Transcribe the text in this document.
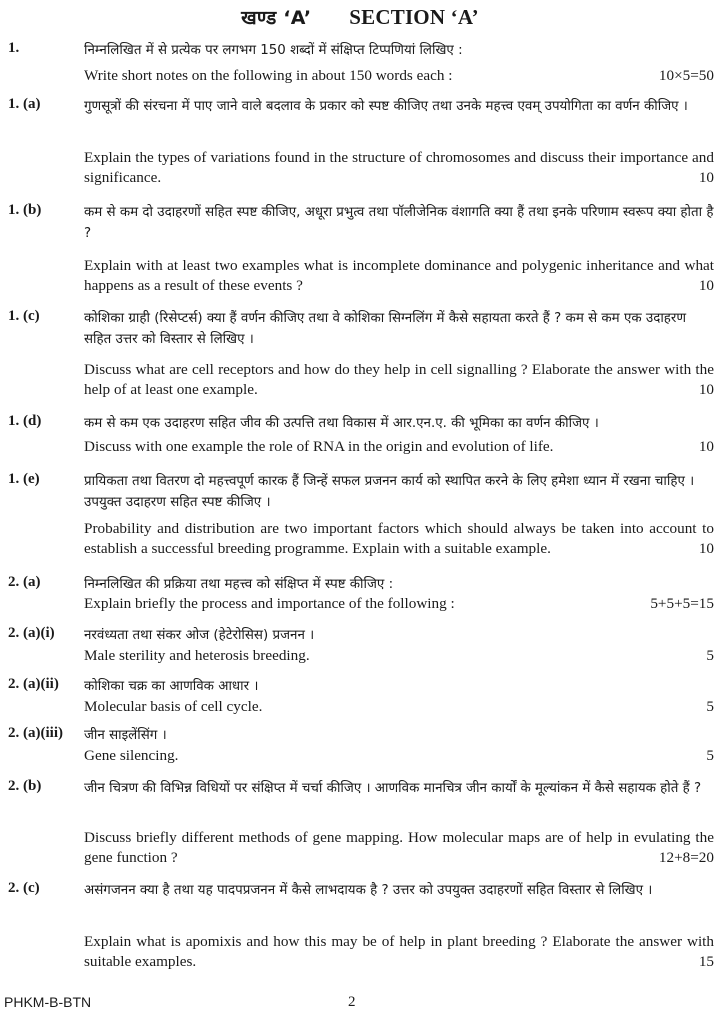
खण्ड ‘A’ SECTION ‘A’
1.	निम्नलिखित में से प्रत्येक पर लगभग 150 शब्दों में संक्षिप्त टिप्पणियां लिखिए :
Write short notes on the following in about 150 words each :	10×5=50
1. (a)	गुणसूत्रों की संरचना में पाए जाने वाले बदलाव के प्रकार को स्पष्ट कीजिए तथा उनके महत्त्व एवम् उपयोगिता का वर्णन कीजिए ।
Explain the types of variations found in the structure of chromosomes and discuss their importance and significance.	10
1. (b)	कम से कम दो उदाहरणों सहित स्पष्ट कीजिए, अधूरा प्रभुत्व तथा पॉलीजेनिक वंशागति क्या हैं तथा इनके परिणाम स्वरूप क्या होता है ?
Explain with at least two examples what is incomplete dominance and polygenic inheritance and what happens as a result of these events ?	10
1. (c)	कोशिका ग्राही (रिसेप्टर्स) क्या हैं वर्णन कीजिए तथा वे कोशिका सिग्नलिंग में कैसे सहायता करते हैं ? कम से कम एक उदाहरण सहित उत्तर को विस्तार से लिखिए ।
Discuss what are cell receptors and how do they help in cell signalling ? Elaborate the answer with the help of at least one example.	10
1. (d)	कम से कम एक उदाहरण सहित जीव की उत्पत्ति तथा विकास में आर.एन.ए. की भूमिका का वर्णन कीजिए ।
Discuss with one example the role of RNA in the origin and evolution of life.	10
1. (e)	प्रायिकता तथा वितरण दो महत्त्वपूर्ण कारक हैं जिन्हें सफल प्रजनन कार्य को स्थापित करने के लिए हमेशा ध्यान में रखना चाहिए । उपयुक्त उदाहरण सहित स्पष्ट कीजिए ।
Probability and distribution are two important factors which should always be taken into account to establish a successful breeding programme. Explain with a suitable example.	10
2. (a)	निम्नलिखित की प्रक्रिया तथा महत्त्व को संक्षिप्त में स्पष्ट कीजिए :
Explain briefly the process and importance of the following :	5+5+5=15
2. (a)(i) नरवंध्यता तथा संकर ओज (हेटेरोसिस) प्रजनन ।
Male sterility and heterosis breeding.	5
2. (a)(ii) कोशिका चक्र का आणविक आधार ।
Molecular basis of cell cycle.	5
2. (a)(iii) जीन साइलेंसिंग ।
Gene silencing.	5
2. (b)	जीन चित्रण की विभिन्न विधियों पर संक्षिप्त में चर्चा कीजिए । आणविक मानचित्र जीन कार्यों के मूल्यांकन में कैसे सहायक होते हैं ?
Discuss briefly different methods of gene mapping. How molecular maps are of help in evulating the gene function ?	12+8=20
2. (c)	असंगजनन क्या है तथा यह पादपप्रजनन में कैसे लाभदायक है ? उत्तर को उपयुक्त उदाहरणों सहित विस्तार से लिखिए ।
Explain what is apomixis and how this may be of help in plant breeding ? Elaborate the answer with suitable examples.	15
PHKM-B-BTN	2
